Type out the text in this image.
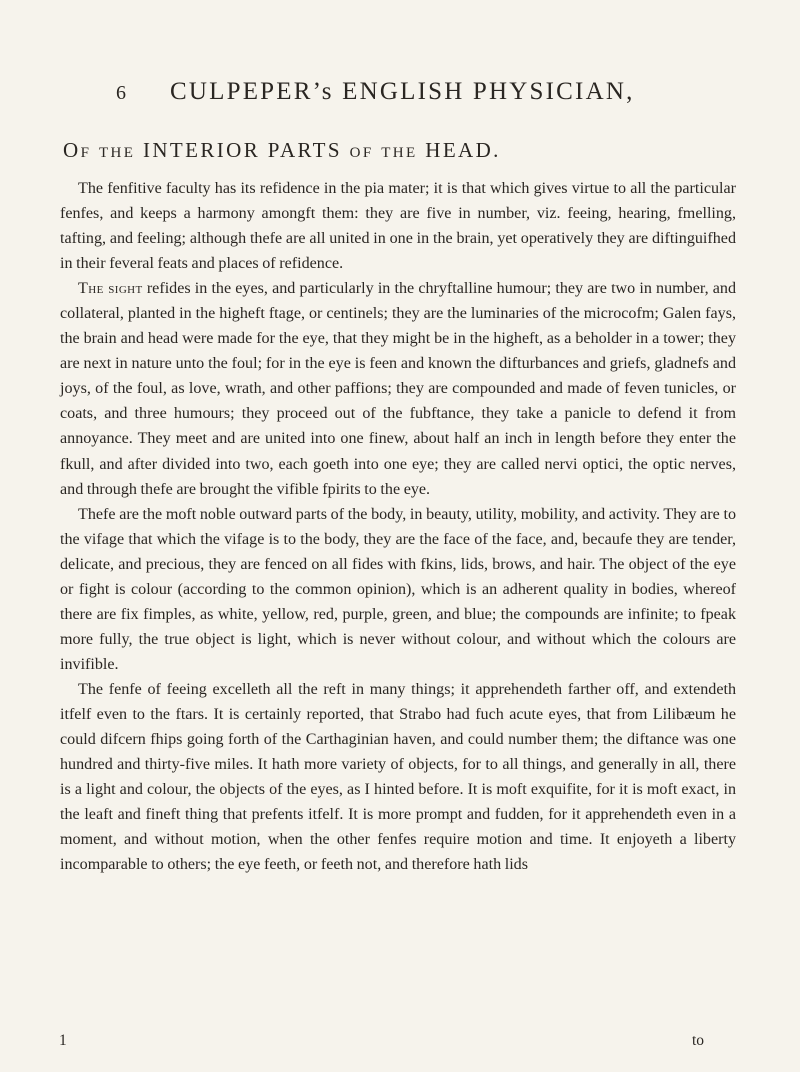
6 CULPEPER’s ENGLISH PHYSICIAN,
Of the INTERIOR PARTS of the HEAD.

The fenfitive faculty has its refidence in the pia mater; it is that which gives virtue to all the particular fenfes, and keeps a harmony amongft them: they are five in number, viz. feeing, hearing, fmelling, tafting, and feeling; although thefe are all united in one in the brain, yet operatively they are diftinguifhed in their feveral feats and places of refidence.

The sight refides in the eyes, and particularly in the chryftalline humour; they are two in number, and collateral, planted in the higheft ftage, or centinels; they are the luminaries of the microcofm; Galen fays, the brain and head were made for the eye, that they might be in the higheft, as a beholder in a tower; they are next in nature unto the foul; for in the eye is feen and known the difturbances and griefs, gladnefs and joys, of the foul, as love, wrath, and other paffions; they are compounded and made of feven tunicles, or coats, and three humours; they proceed out of the fubftance, they take a panicle to defend it from annoyance. They meet and are united into one finew, about half an inch in length before they enter the fkull, and after divided into two, each goeth into one eye; they are called nervi optici, the optic nerves, and through thefe are brought the vifible fpirits to the eye.

Thefe are the moft noble outward parts of the body, in beauty, utility, mobility, and activity. They are to the vifage that which the vifage is to the body, they are the face of the face, and, becaufe they are tender, delicate, and precious, they are fenced on all fides with fkins, lids, brows, and hair. The object of the eye or fight is colour (according to the common opinion), which is an adherent quality in bodies, whereof there are fix fimples, as white, yellow, red, purple, green, and blue; the compounds are infinite; to fpeak more fully, the true object is light, which is never without colour, and without which the colours are invifible.

The fenfe of feeing excelleth all the reft in many things; it apprehendeth farther off, and extendeth itfelf even to the ftars. It is certainly reported, that Strabo had fuch acute eyes, that from Lilibæum he could difcern fhips going forth of the Carthaginian haven, and could number them; the diftance was one hundred and thirty-five miles. It hath more variety of objects, for to all things, and generally in all, there is a light and colour, the objects of the eyes, as I hinted before. It is moft exquifite, for it is moft exact, in the leaft and fineft thing that prefents itfelf. It is more prompt and fudden, for it apprehendeth even in a moment, and without motion, when the other fenfes require motion and time. It enjoyeth a liberty incomparable to others; the eye feeth, or feeth not, and therefore hath lids

1	to
